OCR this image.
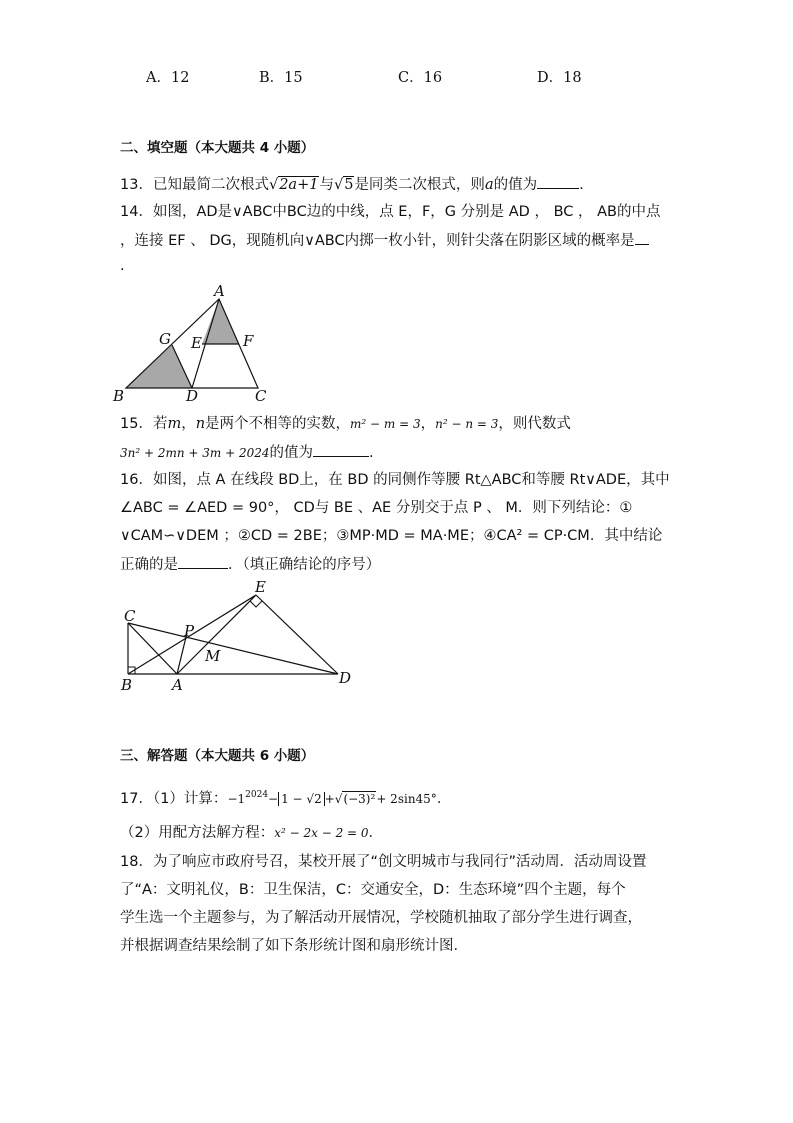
A．12	B．15	C．16	D．18
二、填空题（本大题共 4 小题）
13．已知最简二次根式√2a+1与√5是同类二次根式，则a的值为	.
14．如图，AD是∨ABC中BC边的中线，点 E，F，G 分别是 AD ， BC ， AB的中点
，连接 EF 、 DG，现随机向∨ABC内掷一枚小针，则针尖落在阴影区域的概率是
.
A
B	C
D
E	F
G
15．若m，n是两个不相等的实数，m² − m = 3，n² − n = 3，则代数式
3n² + 2mn + 3m + 2024的值为	.
16．如图，点 A 在线段 BD上，在 BD 的同侧作等腰 Rt△ABC和等腰 Rt∨ADE，其中
∠ABC = ∠AED = 90°， CD与 BE 、AE 分别交于点 P 、 M．则下列结论：①
∨CAM∽∨DEM ；②CD = 2BE；③MP·MD = MA·ME；④CA² = CP·CM．其中结论
正确的是	．（填正确结论的序号）
C
E
P
M
B	A	D
三、解答题（本大题共 6 小题）
17．（1）计算：$-1^{2024}- 1 - √2 +√(-3)^2+ 2\sin 45^\circ$．
（2）用配方法解方程：x² − 2x − 2 = 0．
18．为了响应市政府号召，某校开展了“创文明城市与我同行”活动周．活动周设置
了“A：文明礼仪，B：卫生保洁，C：交通安全，D：生态环境”四个主题，每个
学生选一个主题参与，为了解活动开展情况，学校随机抽取了部分学生进行调查，
并根据调查结果绘制了如下条形统计图和扇形统计图．
